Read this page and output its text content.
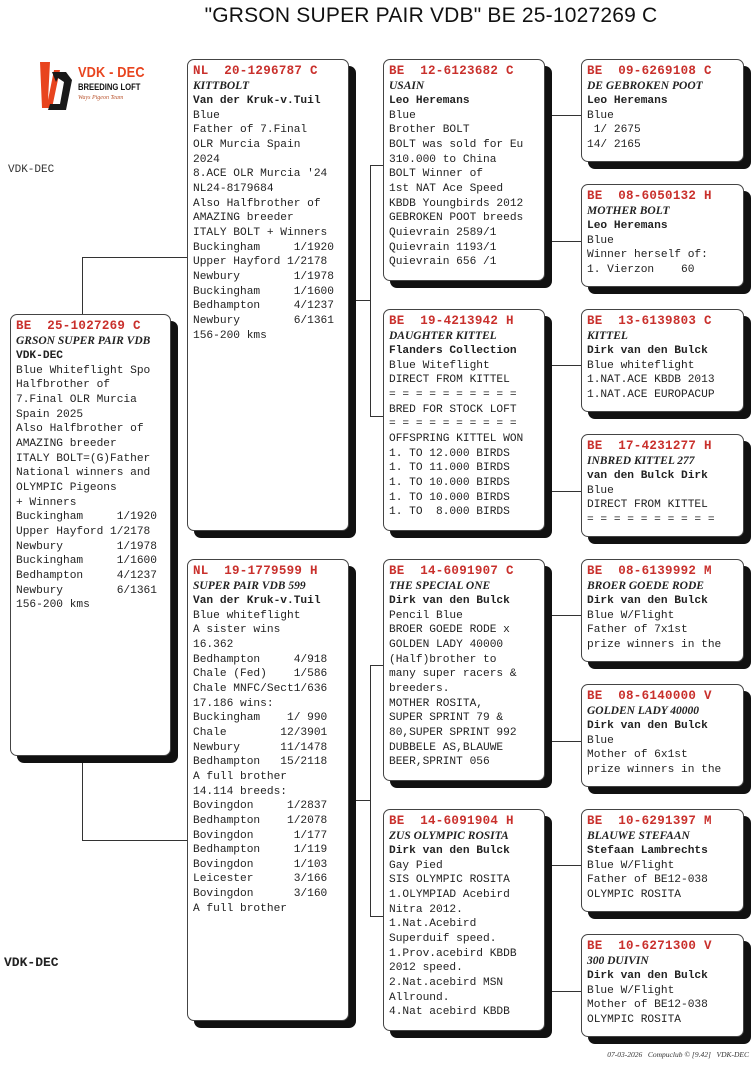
"GRSON SUPER PAIR VDB" BE 25-1027269 C
VDK - DEC
BREEDING LOFT
Ways Pigeon Team
VDK-DEC
VDK-DEC
BE  25-1027269 C
GRSON SUPER PAIR VDB
VDK-DEC
Blue Whiteflight Spo
Halfbrother of
7.Final OLR Murcia
Spain 2025
Also Halfbrother of
AMAZING breeder
ITALY BOLT=(G)Father
National winners and
OLYMPIC Pigeons
+ Winners
Buckingham     1/1920
Upper Hayford 1/2178
Newbury        1/1978
Buckingham     1/1600
Bedhampton     4/1237
Newbury        6/1361
156-200 kms
NL  20-1296787 C
KITTBOLT
Van der Kruk-v.Tuil
Blue
Father of 7.Final
OLR Murcia Spain
2024
8.ACE OLR Murcia '24
NL24-8179684
Also Halfbrother of
AMAZING breeder
ITALY BOLT + Winners
Buckingham     1/1920
Upper Hayford 1/2178
Newbury        1/1978
Buckingham     1/1600
Bedhampton     4/1237
Newbury        6/1361
156-200 kms
NL  19-1779599 H
SUPER PAIR VDB 599
Van der Kruk-v.Tuil
Blue whiteflight
A sister wins
16.362
Bedhampton     4/918
Chale (Fed)    1/586
Chale MNFC/Sect1/636
17.186 wins:
Buckingham    1/ 990
Chale        12/3901
Newbury      11/1478
Bedhampton   15/2118
A full brother
14.114 breeds:
Bovingdon     1/2837
Bedhampton    1/2078
Bovingdon      1/177
Bedhampton     1/119
Bovingdon      1/103
Leicester      3/166
Bovingdon      3/160
A full brother
BE  12-6123682 C
USAIN
Leo Heremans
Blue
Brother BOLT
BOLT was sold for Eu
310.000 to China
BOLT Winner of
1st NAT Ace Speed
KBDB Youngbirds 2012
GEBROKEN POOT breeds
Quievrain 2589/1
Quievrain 1193/1
Quievrain 656 /1
BE  19-4213942 H
DAUGHTER KITTEL
Flanders Collection
Blue Witeflight
DIRECT FROM KITTEL
= = = = = = = = = =
BRED FOR STOCK LOFT
= = = = = = = = = =
OFFSPRING KITTEL WON
1. TO 12.000 BIRDS
1. TO 11.000 BIRDS
1. TO 10.000 BIRDS
1. TO 10.000 BIRDS
1. TO  8.000 BIRDS
BE  14-6091907 C
THE SPECIAL ONE
Dirk van den Bulck
Pencil Blue
BROER GOEDE RODE x
GOLDEN LADY 40000
(Half)brother to
many super racers &
breeders.
MOTHER ROSITA,
SUPER SPRINT 79 &
80,SUPER SPRINT 992
DUBBELE AS,BLAUWE
BEER,SPRINT 056
BE  14-6091904 H
ZUS OLYMPIC ROSITA
Dirk van den Bulck
Gay Pied
SIS OLYMPIC ROSITA
1.OLYMPIAD Acebird
Nitra 2012.
1.Nat.Acebird
Superduif speed.
1.Prov.acebird KBDB
2012 speed.
2.Nat.acebird MSN
Allround.
4.Nat acebird KBDB
BE  09-6269108 C
DE GEBROKEN POOT
Leo Heremans
Blue
1/ 2675
14/ 2165
BE  08-6050132 H
MOTHER BOLT
Leo Heremans
Blue
Winner herself of:
1. Vierzon    60
BE  13-6139803 C
KITTEL
Dirk van den Bulck
Blue whiteflight
1.NAT.ACE KBDB 2013
1.NAT.ACE EUROPACUP
BE  17-4231277 H
INBRED KITTEL 277
van den Bulck Dirk
Blue
DIRECT FROM KITTEL
= = = = = = = = = =
BE  08-6139992 M
BROER GOEDE RODE
Dirk van den Bulck
Blue W/Flight
Father of 7x1st
prize winners in the
BE  08-6140000 V
GOLDEN LADY 40000
Dirk van den Bulck
Blue
Mother of 6x1st
prize winners in the
BE  10-6291397 M
BLAUWE STEFAAN
Stefaan Lambrechts
Blue W/Flight
Father of BE12-038
OLYMPIC ROSITA
BE  10-6271300 V
300 DUIVIN
Dirk van den Bulck
Blue W/Flight
Mother of BE12-038
OLYMPIC ROSITA
07-03-2026   Compuclub © [9.42]   VDK-DEC
